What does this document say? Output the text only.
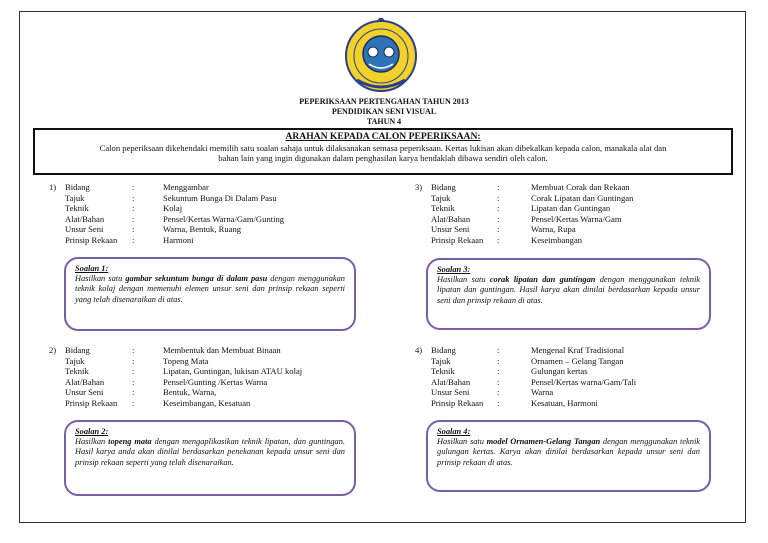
PEPERIKSAAN PERTENGAHAN TAHUN 2013
PENDIDIKAN SENI VISUAL
TAHUN 4
ARAHAN KEPADA CALON PEPERIKSAAN:
Calon peperiksaan dikehendaki memilih satu soalan sahaja untuk dilaksanakan semasa peperiksaan. Kertas lukisan akan dibekalkan kepada calon, manakala alat dan
bahan lain yang ingin digunakan dalam penghasilan karya hendaklah dibawa sendiri oleh calon.
1) Bidang	:	Menggambar
Tajuk	:	Sekuntum Bunga Di Dalam Pasu
Teknik	:	Kolaj
Alat/Bahan	:	Pensel/Kertas Warna/Gam/Gunting
Unsur Seni	:	Warna, Bentuk, Ruang
Prinsip Rekaan :	Harmoni
Soalan 1:
Hasilkan satu gambar sekuntum bunga di dalam pasu dengan menggunakan teknik kolaj dengan memenuhi elemen unsur seni dan prinsip rekaan seperti yang telah disenaraikan di atas.
2) Bidang	:	Membentuk dan Membuat Binaan
Tajuk	:	Topeng Mata
Teknik	:	Lipatan, Guntingan, lukisan ATAU kolaj
Alat/Bahan	:	Pensel/Gunting /Kertas Warna
Unsur Seni	:	Bentuk, Warna,
Prinsip Rekaan :	Keseimbangan, Kesatuan
Soalan 2:
Hasilkan topeng mata dengan mengaplikasikan teknik lipatan, dan guntingan. Hasil karya anda akan dinilai berdasarkan penekanan kepada unsur seni dan prinsip rekaan seperti yang telah disenaraikan.
3) Bidang	:	Membuat Corak dan Rekaan
Tajuk	:	Corak Lipatan dan Guntingan
Teknik	:	Lipatan dan Guntingan
Alat/Bahan	:	Pensel/Kertas Warna/Gam
Unsur Seni	:	Warna, Rupa
Prinsip Rekaan :	Keseimbangan
Soalan 3:
Hasilkan satu corak lipatan dan guntingan dengan menggunakan teknik lipatan dan guntingan. Hasil karya akan dinilai berdasarkan kepada unsur seni dan prinsip rekaan di atas.
4) Bidang	:	Mengenal Kraf Tradisional
Tajuk	:	Ornamen – Gelang Tangan
Teknik	:	Gulungan kertas
Alat/Bahan	:	Pensel/Kertas warna/Gam/Tali
Unsur Seni	:	Warna
Prinsip Rekaan :	Kesatuan, Harmoni
Soalan 4:
Hasilkan satu model Ornamen-Gelang Tangan dengan menggunakan teknik gulungan kertas. Karya akan dinilai berdasarkan kepada unsur seni dan prinsip rekaan di atas.
